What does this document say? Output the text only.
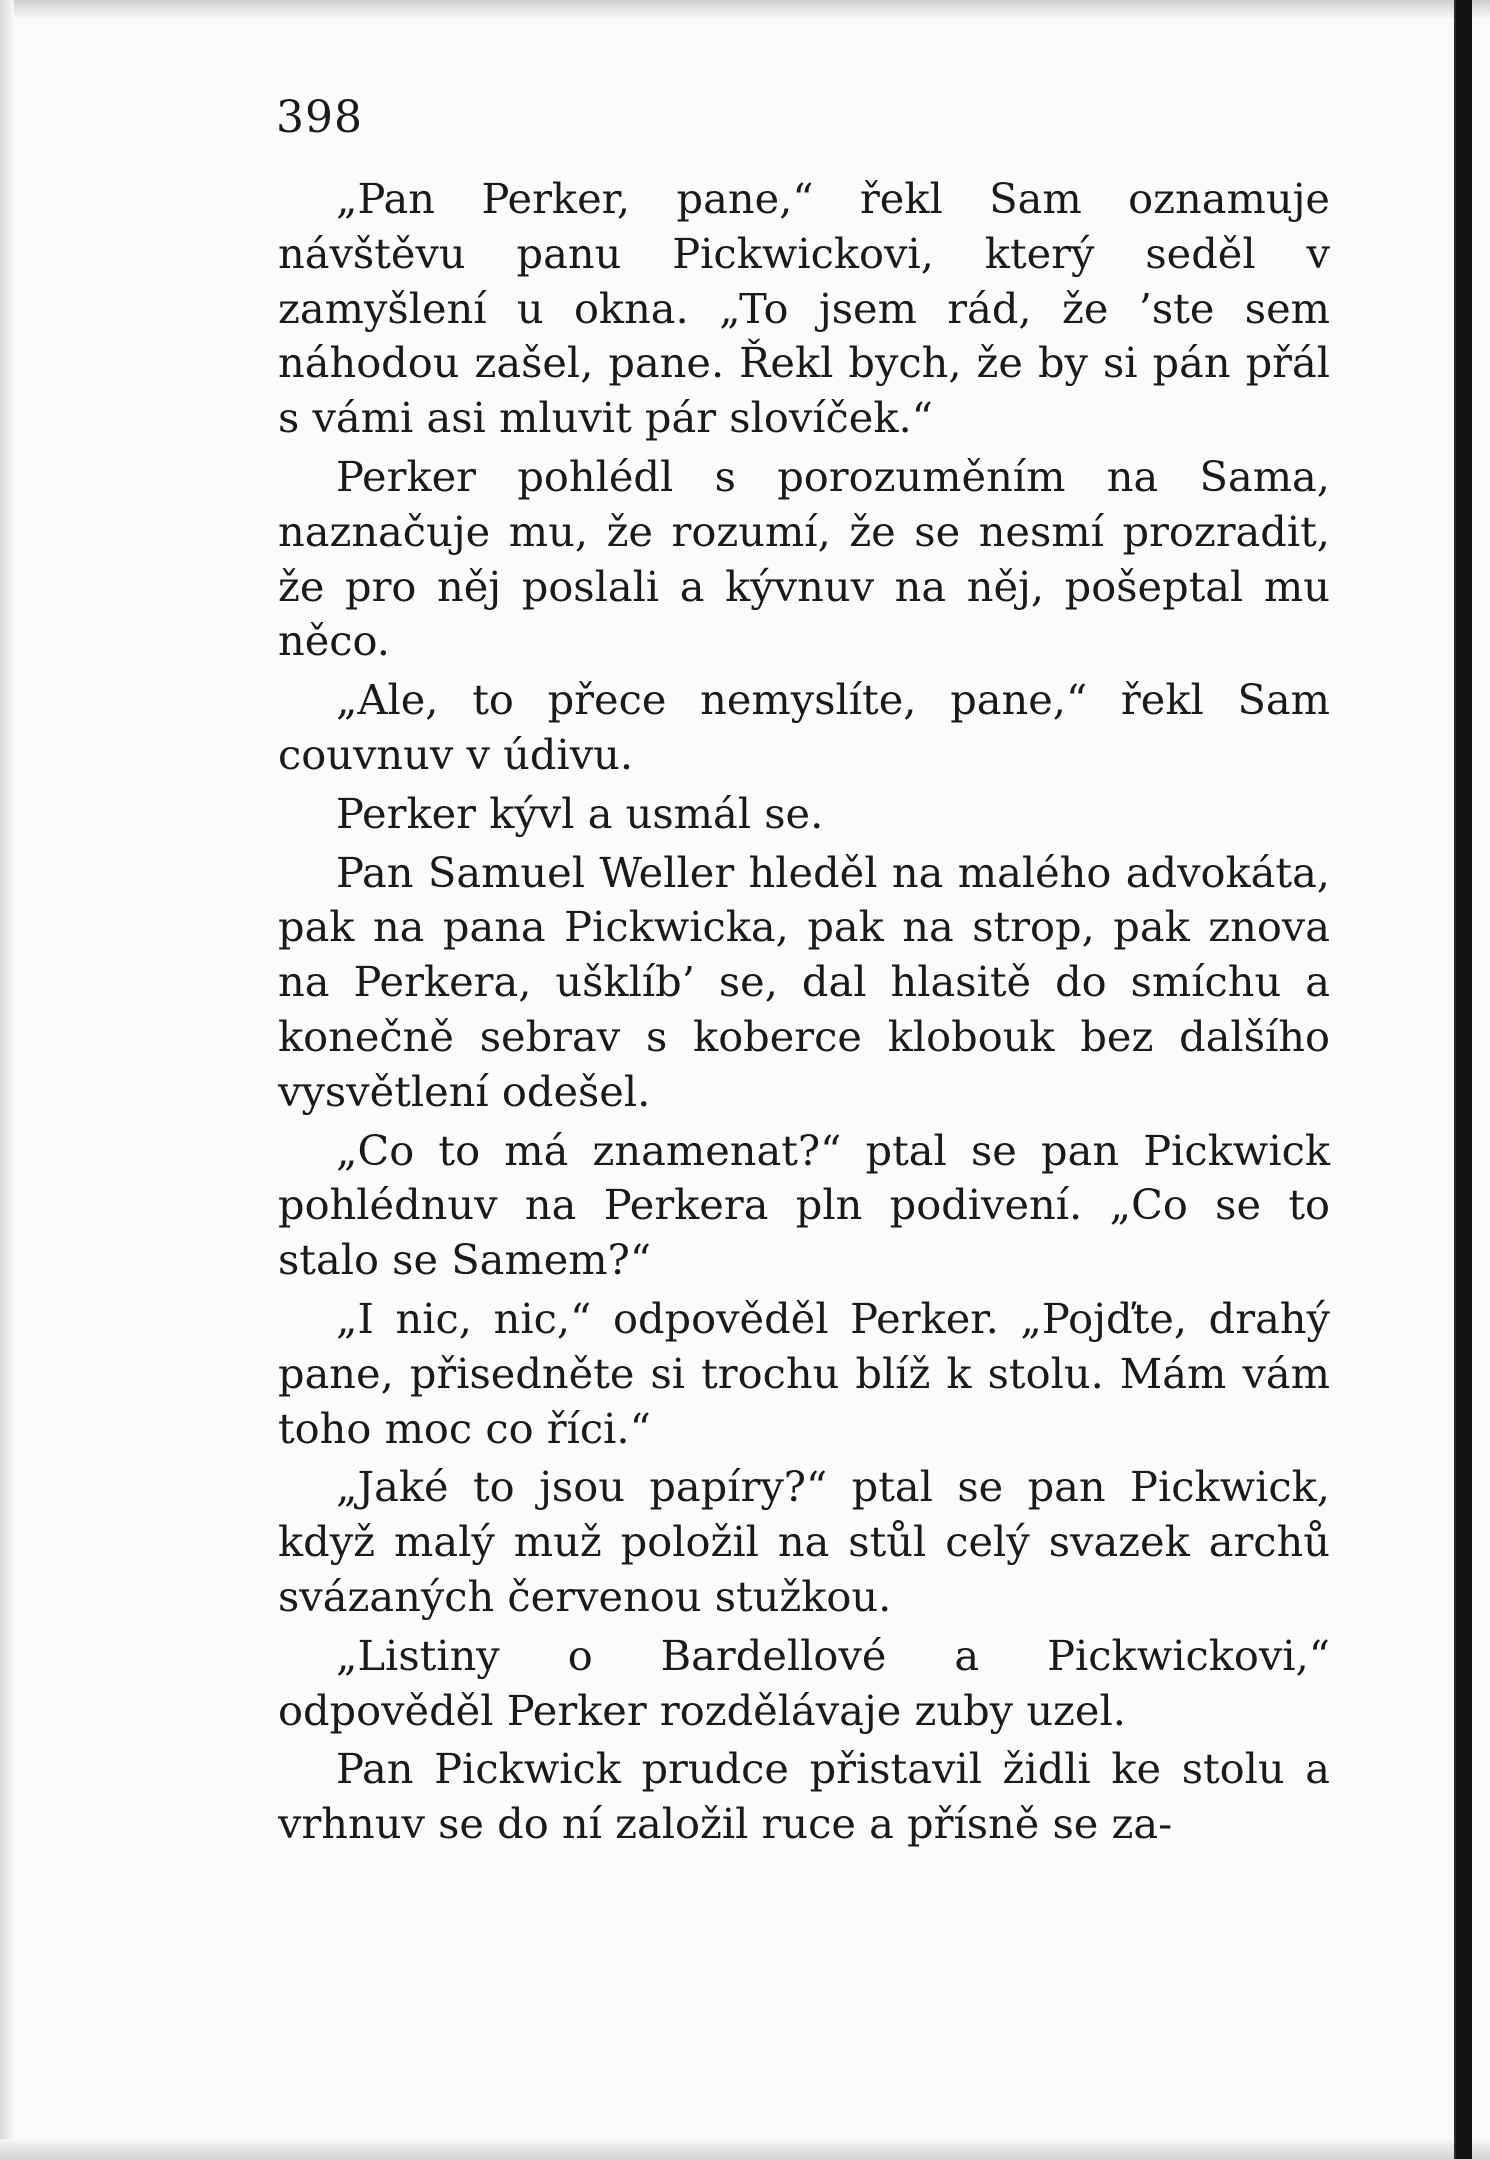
398

„Pan Perker, pane,“ řekl Sam oznamuje návštěvu panu Pickwickovi, který seděl v zamyšlení u okna. „To jsem rád, že ’ste sem náhodou zašel, pane. Řekl bych, že by si pán přál s vámi asi mluvit pár slovíček.“

Perker pohlédl s porozuměním na Sama, naznačuje mu, že rozumí, že se nesmí prozradit, že pro něj poslali a kývnuv na něj, pošeptal mu něco.

„Ale, to přece nemyslíte, pane,“ řekl Sam couvnuv v údivu.

Perker kývl a usmál se.

Pan Samuel Weller hleděl na malého advokáta, pak na pana Pickwicka, pak na strop, pak znova na Perkera, ušklíb’ se, dal hlasitě do smíchu a konečně sebrav s koberce klobouk bez dalšího vysvětlení odešel.

„Co to má znamenat?“ ptal se pan Pickwick pohlédnuv na Perkera pln podivení. „Co se to stalo se Samem?“

„I nic, nic,“ odpověděl Perker. „Pojďte, drahý pane, přisedněte si trochu blíž k stolu. Mám vám toho moc co říci.“

„Jaké to jsou papíry?“ ptal se pan Pickwick, když malý muž položil na stůl celý svazek archů svázaných červenou stužkou.

„Listiny o Bardellové a Pickwickovi,“ odpověděl Perker rozdělávaje zuby uzel.

Pan Pickwick prudce přistavil židli ke stolu a vrhnuv se do ní založil ruce a přísně se za-
